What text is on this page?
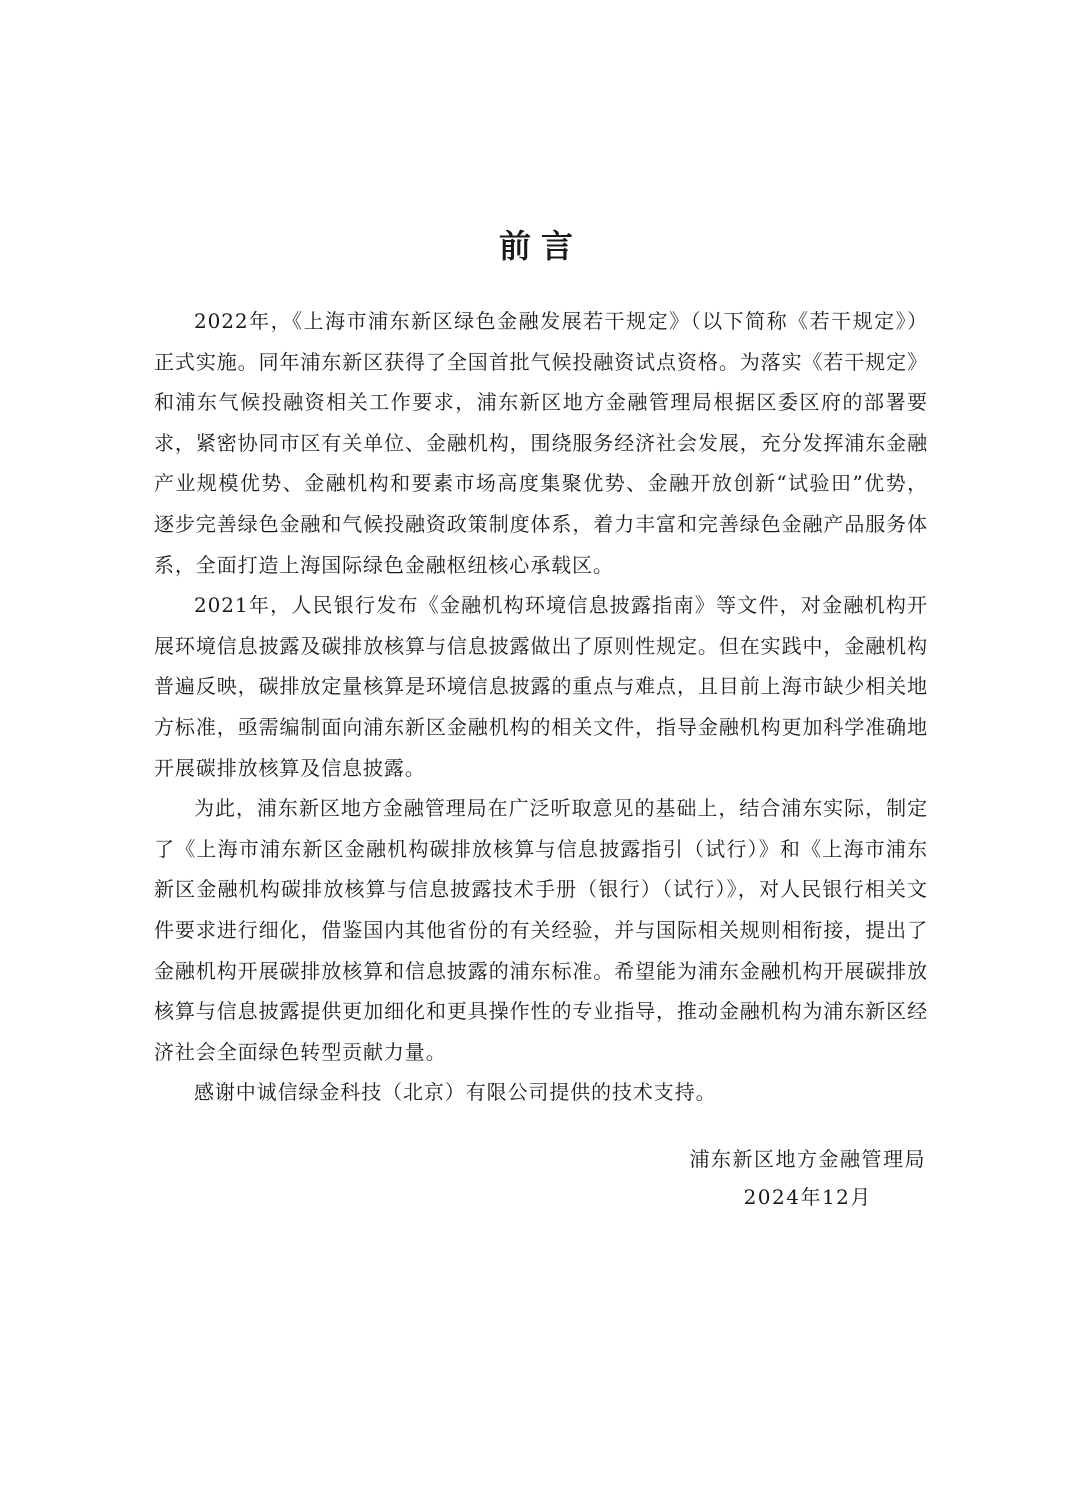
前言

2022年，《上海市浦东新区绿色金融发展若干规定》（以下简称《若干规定》）正式实施。同年浦东新区获得了全国首批气候投融资试点资格。为落实《若干规定》和浦东气候投融资相关工作要求，浦东新区地方金融管理局根据区委区府的部署要求，紧密协同市区有关单位、金融机构，围绕服务经济社会发展，充分发挥浦东金融产业规模优势、金融机构和要素市场高度集聚优势、金融开放创新“试验田”优势，逐步完善绿色金融和气候投融资政策制度体系，着力丰富和完善绿色金融产品服务体系，全面打造上海国际绿色金融枢纽核心承载区。

2021年，人民银行发布《金融机构环境信息披露指南》等文件，对金融机构开展环境信息披露及碳排放核算与信息披露做出了原则性规定。但在实践中，金融机构普遍反映，碳排放定量核算是环境信息披露的重点与难点，且目前上海市缺少相关地方标准，亟需编制面向浦东新区金融机构的相关文件，指导金融机构更加科学准确地开展碳排放核算及信息披露。

为此，浦东新区地方金融管理局在广泛听取意见的基础上，结合浦东实际，制定了《上海市浦东新区金融机构碳排放核算与信息披露指引（试行）》和《上海市浦东新区金融机构碳排放核算与信息披露技术手册（银行）（试行）》，对人民银行相关文件要求进行细化，借鉴国内其他省份的有关经验，并与国际相关规则相衔接，提出了金融机构开展碳排放核算和信息披露的浦东标准。希望能为浦东金融机构开展碳排放核算与信息披露提供更加细化和更具操作性的专业指导，推动金融机构为浦东新区经济社会全面绿色转型贡献力量。

感谢中诚信绿金科技（北京）有限公司提供的技术支持。

浦东新区地方金融管理局
2024年12月
